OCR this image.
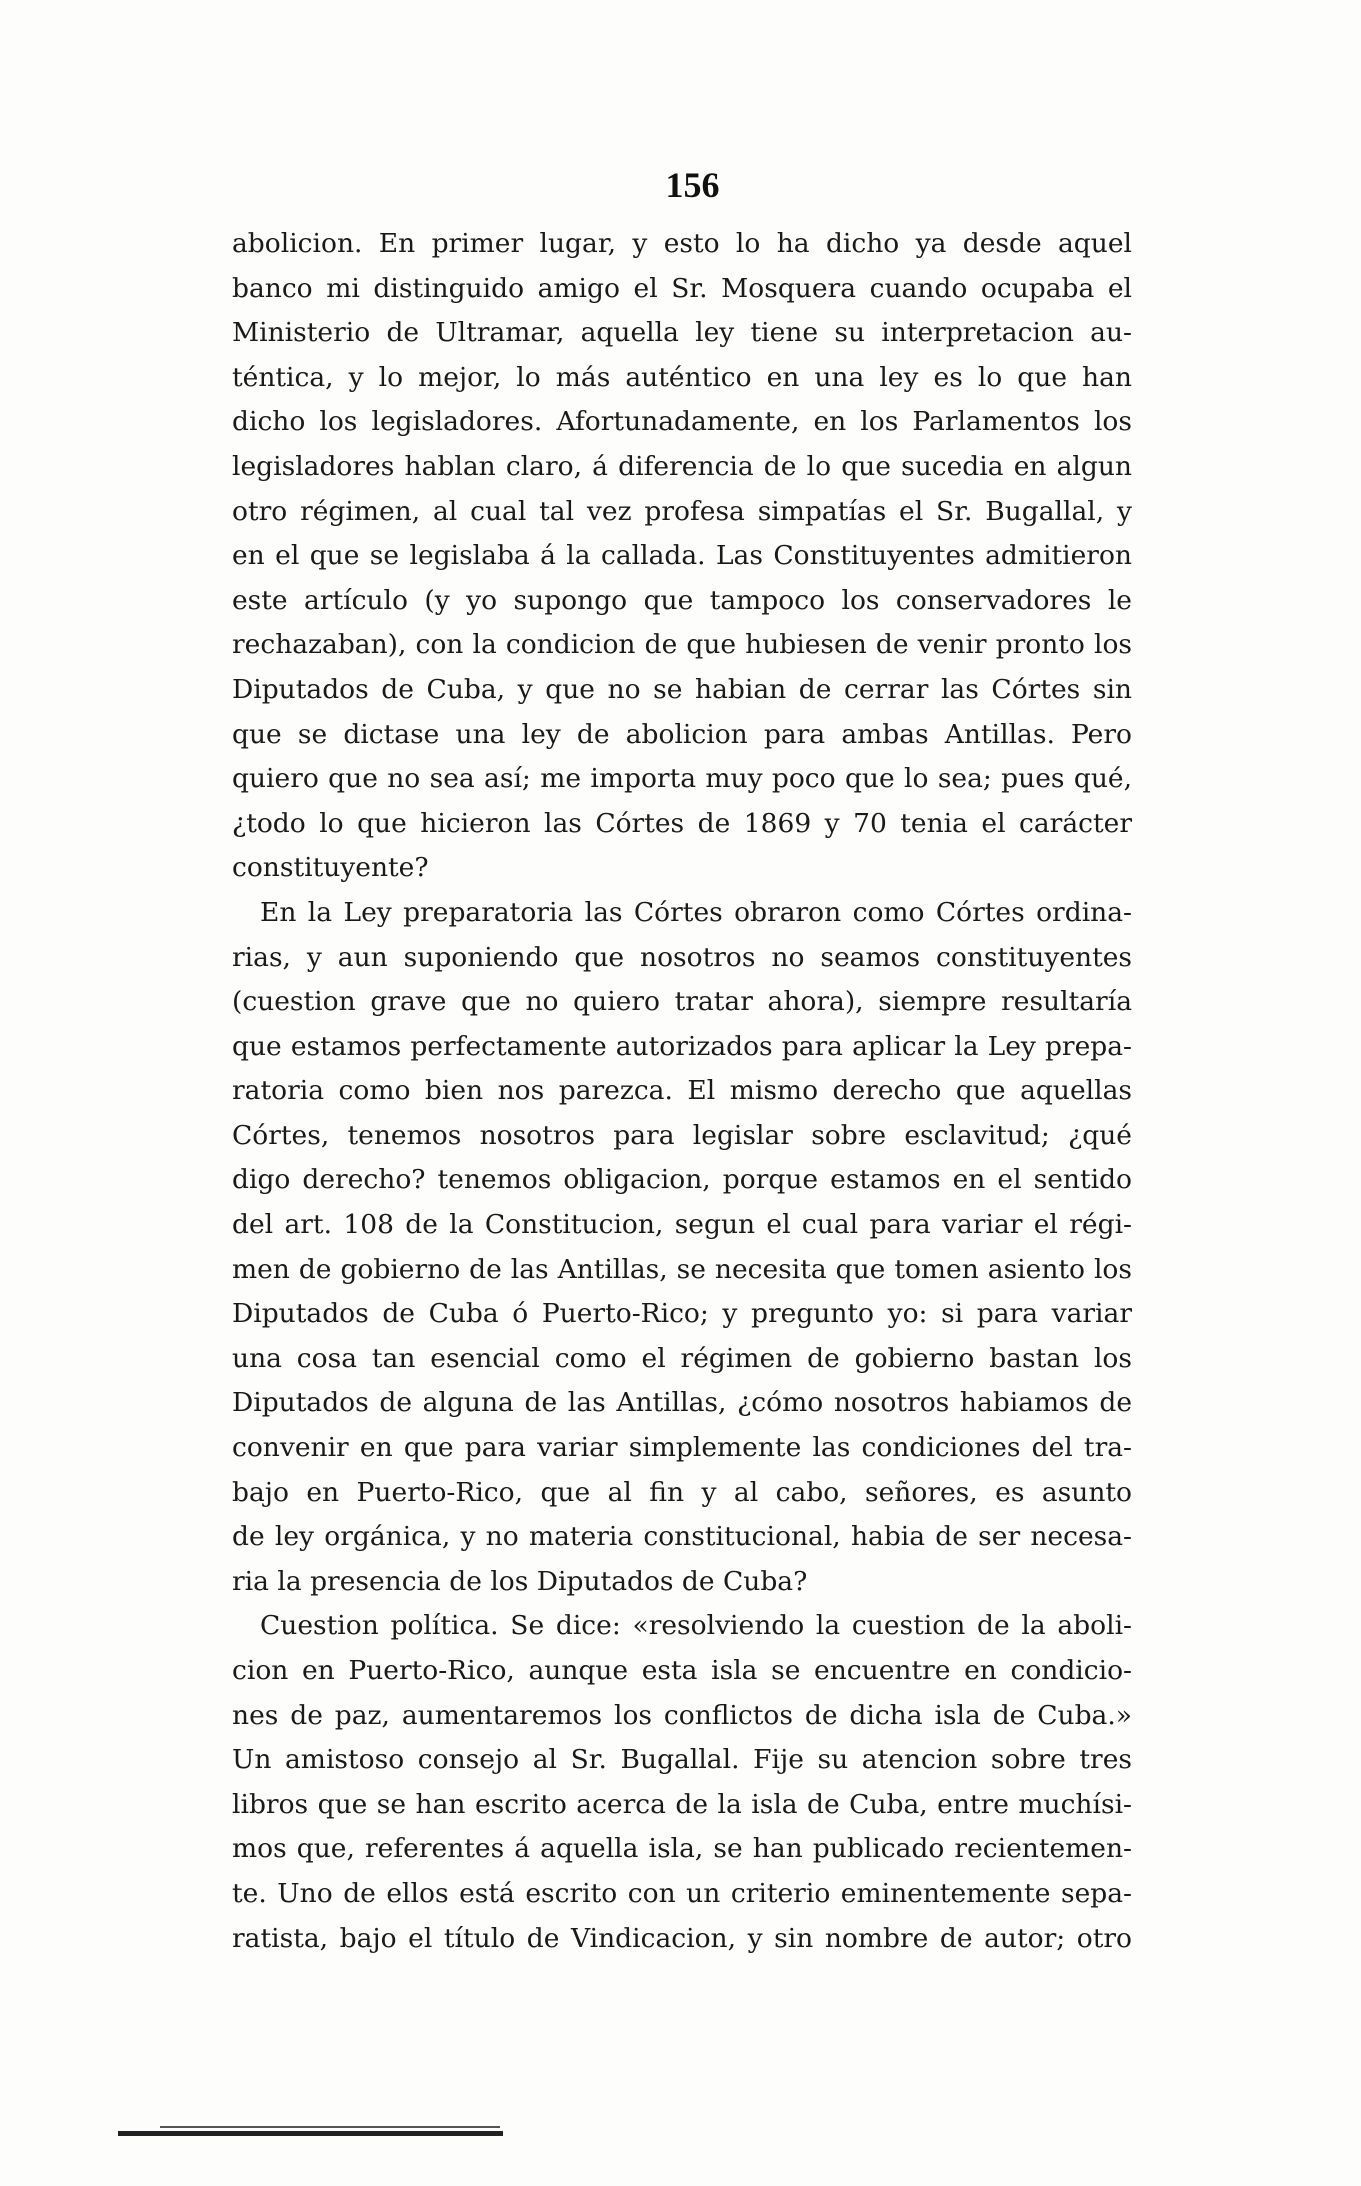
156
abolicion. En primer lugar, y esto lo ha dicho ya desde aquel
banco mi distinguido amigo el Sr. Mosquera cuando ocupaba el
Ministerio de Ultramar, aquella ley tiene su interpretacion au-
téntica, y lo mejor, lo más auténtico en una ley es lo que han
dicho los legisladores. Afortunadamente, en los Parlamentos los
legisladores hablan claro, á diferencia de lo que sucedia en algun
otro régimen, al cual tal vez profesa simpatías el Sr. Bugallal, y
en el que se legislaba á la callada. Las Constituyentes admitieron
este artículo (y yo supongo que tampoco los conservadores le
rechazaban), con la condicion de que hubiesen de venir pronto los
Diputados de Cuba, y que no se habian de cerrar las Córtes sin
que se dictase una ley de abolicion para ambas Antillas. Pero
quiero que no sea así; me importa muy poco que lo sea; pues qué,
¿todo lo que hicieron las Córtes de 1869 y 70 tenia el carácter
constituyente?
En la Ley preparatoria las Córtes obraron como Córtes ordina-
rias, y aun suponiendo que nosotros no seamos constituyentes
(cuestion grave que no quiero tratar ahora), siempre resultaría
que estamos perfectamente autorizados para aplicar la Ley prepa-
ratoria como bien nos parezca. El mismo derecho que aquellas
Córtes, tenemos nosotros para legislar sobre esclavitud; ¿qué
digo derecho? tenemos obligacion, porque estamos en el sentido
del art. 108 de la Constitucion, segun el cual para variar el régi-
men de gobierno de las Antillas, se necesita que tomen asiento los
Diputados de Cuba ó Puerto-Rico; y pregunto yo: si para variar
una cosa tan esencial como el régimen de gobierno bastan los
Diputados de alguna de las Antillas, ¿cómo nosotros habiamos de
convenir en que para variar simplemente las condiciones del tra-
bajo en Puerto-Rico, que al fin y al cabo, señores, es asunto
de ley orgánica, y no materia constitucional, habia de ser necesa-
ria la presencia de los Diputados de Cuba?
Cuestion política. Se dice: «resolviendo la cuestion de la aboli-
cion en Puerto-Rico, aunque esta isla se encuentre en condicio-
nes de paz, aumentaremos los conflictos de dicha isla de Cuba.»
Un amistoso consejo al Sr. Bugallal. Fije su atencion sobre tres
libros que se han escrito acerca de la isla de Cuba, entre muchísi-
mos que, referentes á aquella isla, se han publicado recientemen-
te. Uno de ellos está escrito con un criterio eminentemente sepa-
ratista, bajo el título de Vindicacion, y sin nombre de autor; otro
